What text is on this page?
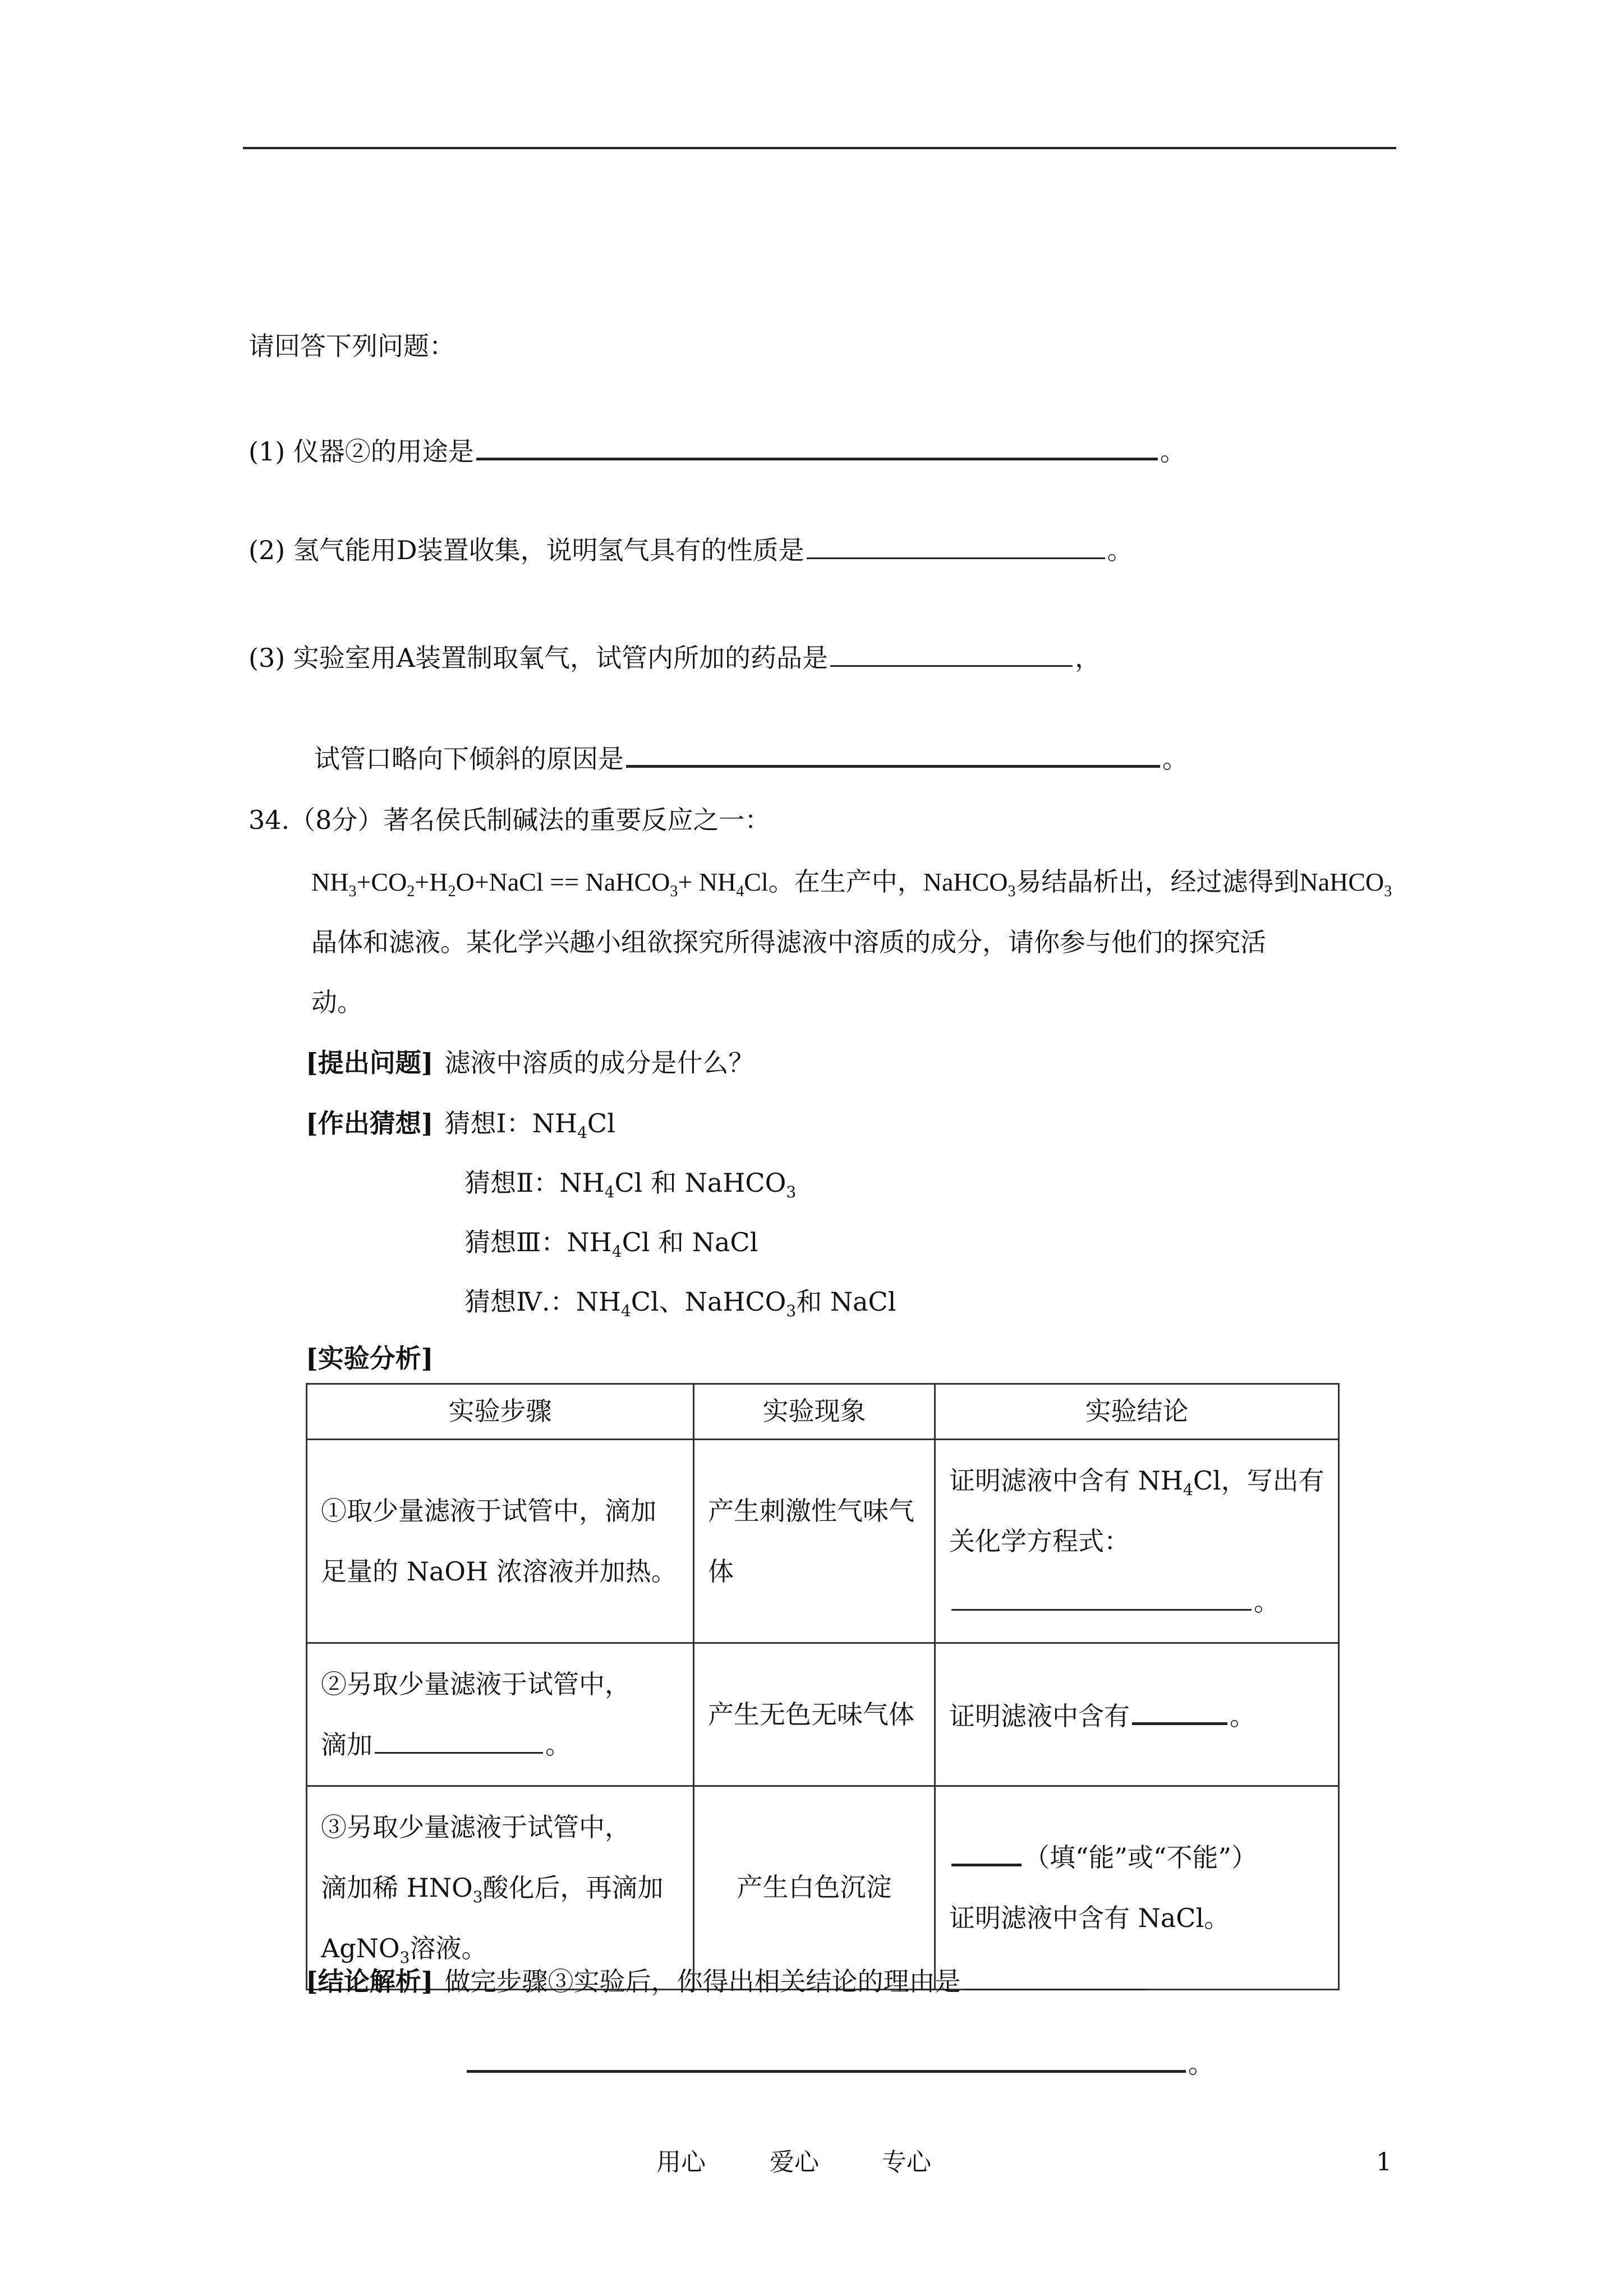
请回答下列问题：
(1) 仪器②的用途是	。
(2) 氢气能用D装置收集，说明氢气具有的性质是	。
(3) 实验室用A装置制取氧气，试管内所加的药品是	，
试管口略向下倾斜的原因是	。
34.（8分）著名侯氏制碱法的重要反应之一：
$NH_3+CO_2+H_2O+NaCl$ == NaHCO$_3$+ $NH_4Cl$。在生产中，NaHCO$_3$易结晶析出，经过滤得到NaHCO$_3$
晶体和滤液。某化学兴趣小组欲探究所得滤液中溶质的成分，请你参与他们的探究活
动。
[提出问题] 滤液中溶质的成分是什么？
[作出猜想] 猜想Ⅰ：$NH_4Cl$
猜想Ⅱ：$NH_4Cl$ 和 NaHCO$_3$
猜想Ⅲ：$NH_4Cl$ 和 NaCl
猜想Ⅳ.：$NH_4Cl$、NaHCO$_3$和 NaCl
[实验分析]
实验步骤	实验现象	实验结论
①取少量滤液于试管中，滴加足量的 NaOH 浓溶液并加热。	产生刺激性气味气体	证明滤液中含有 $NH_4Cl$，写出有关化学方程式：
。
②另取少量滤液于试管中，
滴加 。	产生无色无味气体	证明滤液中含有 。
③另取少量滤液于试管中，
滴加稀 $HNO_3$酸化后，再滴加
AgNO$_3$溶液。	产生白色沉淀	（填“能”或“不能”）
证明滤液中含有 NaCl。
[结论解析] 做完步骤③实验后，你得出相关结论的理由是
。
用心	爱心	专心	1
